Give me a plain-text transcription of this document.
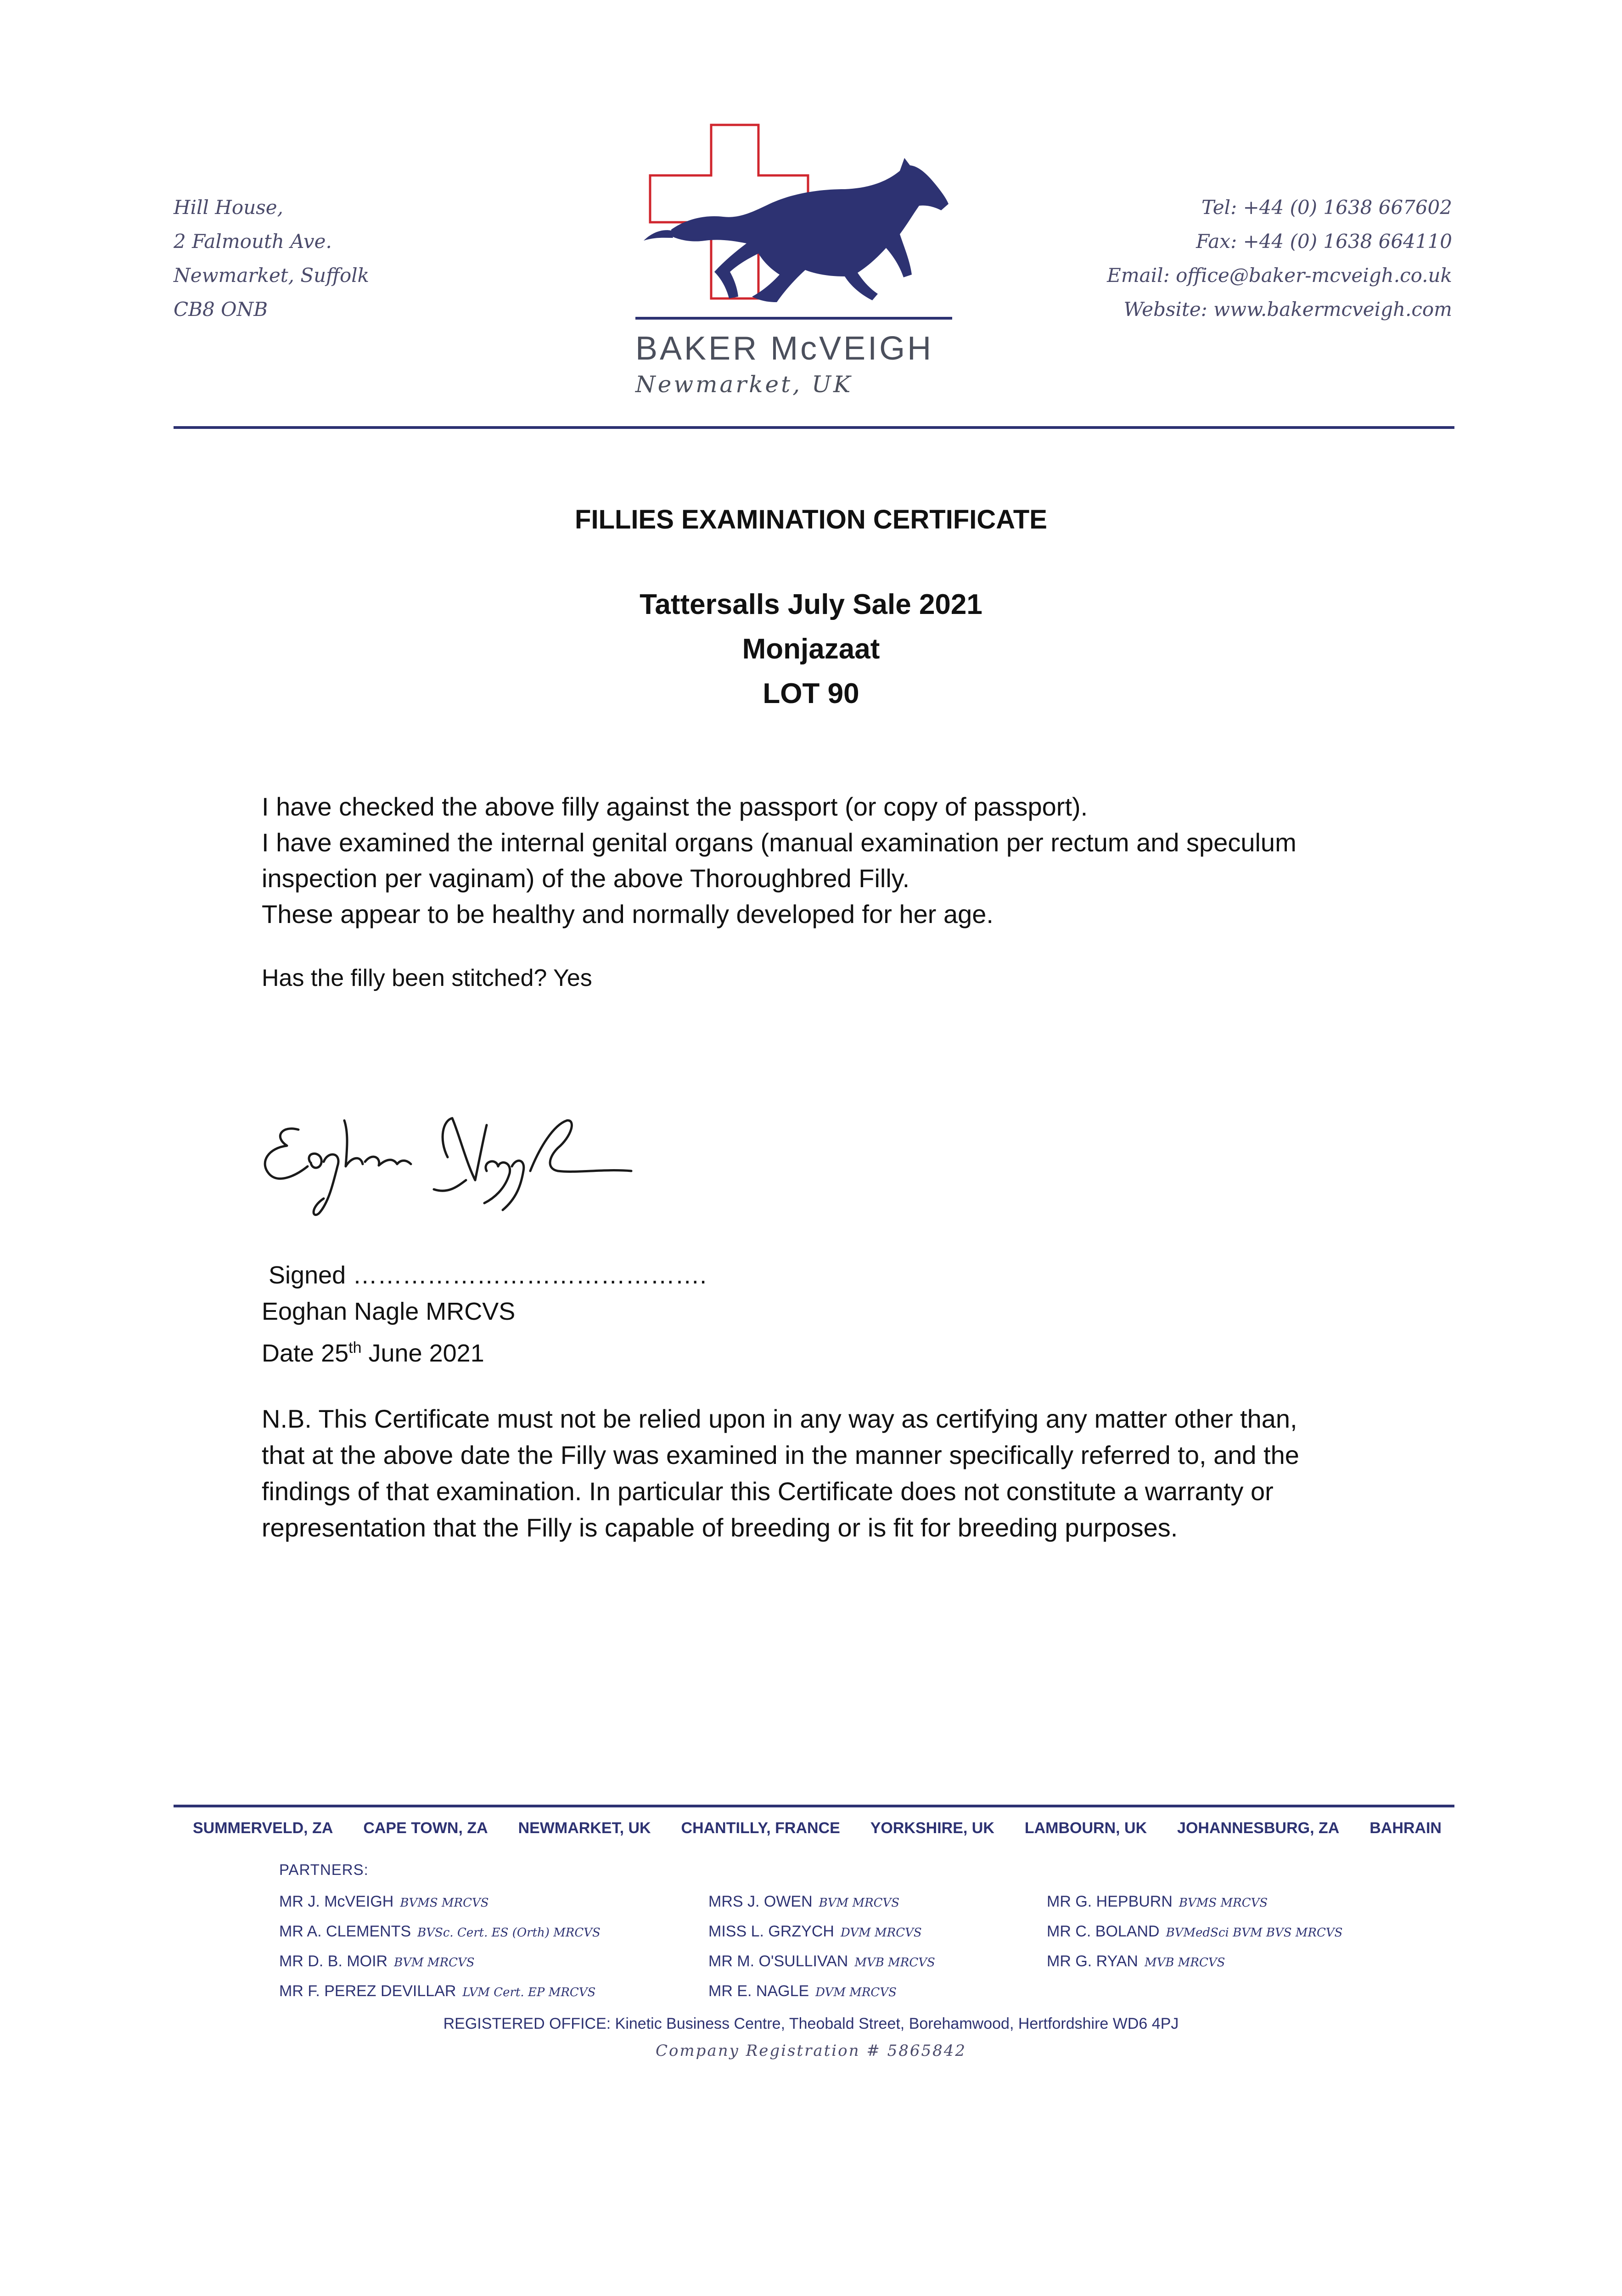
Hill House,
2 Falmouth Ave.
Newmarket, Suffolk
CB8 ONB
BAKER McVEIGH
Newmarket, UK
Tel: +44 (0) 1638 667602
Fax: +44 (0) 1638 664110
Email: office@baker-mcveigh.co.uk
Website: www.bakermcveigh.com
FILLIES EXAMINATION CERTIFICATE
Tattersalls July Sale 2021
Monjazaat
LOT 90
I have checked the above filly against the passport (or copy of passport).
I have examined the internal genital organs (manual examination per rectum and speculum
inspection per vaginam) of the above Thoroughbred Filly.
These appear to be healthy and normally developed for her age.
Has the filly been stitched? Yes
Signed …………………………………….
Eoghan Nagle MRCVS
Date 25th June 2021
N.B. This Certificate must not be relied upon in any way as certifying any matter other than,
that at the above date the Filly was examined in the manner specifically referred to, and the
findings of that examination. In particular this Certificate does not constitute a warranty or
representation that the Filly is capable of breeding or is fit for breeding purposes.
SUMMERVELD, ZA CAPE TOWN, ZA NEWMARKET, UK CHANTILLY, FRANCE YORKSHIRE, UK LAMBOURN, UK JOHANNESBURG, ZA BAHRAIN
PARTNERS:
MR J. McVEIGH BVMS MRCVS
MR A. CLEMENTS BVSc. Cert. ES (Orth) MRCVS
MR D. B. MOIR BVM MRCVS
MR F. PEREZ DEVILLAR LVM Cert. EP MRCVS
MRS J. OWEN BVM MRCVS
MISS L. GRZYCH DVM MRCVS
MR M. O'SULLIVAN MVB MRCVS
MR E. NAGLE DVM MRCVS
MR G. HEPBURN BVMS MRCVS
MR C. BOLAND BVMedSci BVM BVS MRCVS
MR G. RYAN MVB MRCVS
REGISTERED OFFICE: Kinetic Business Centre, Theobald Street, Borehamwood, Hertfordshire WD6 4PJ
Company Registration # 5865842
